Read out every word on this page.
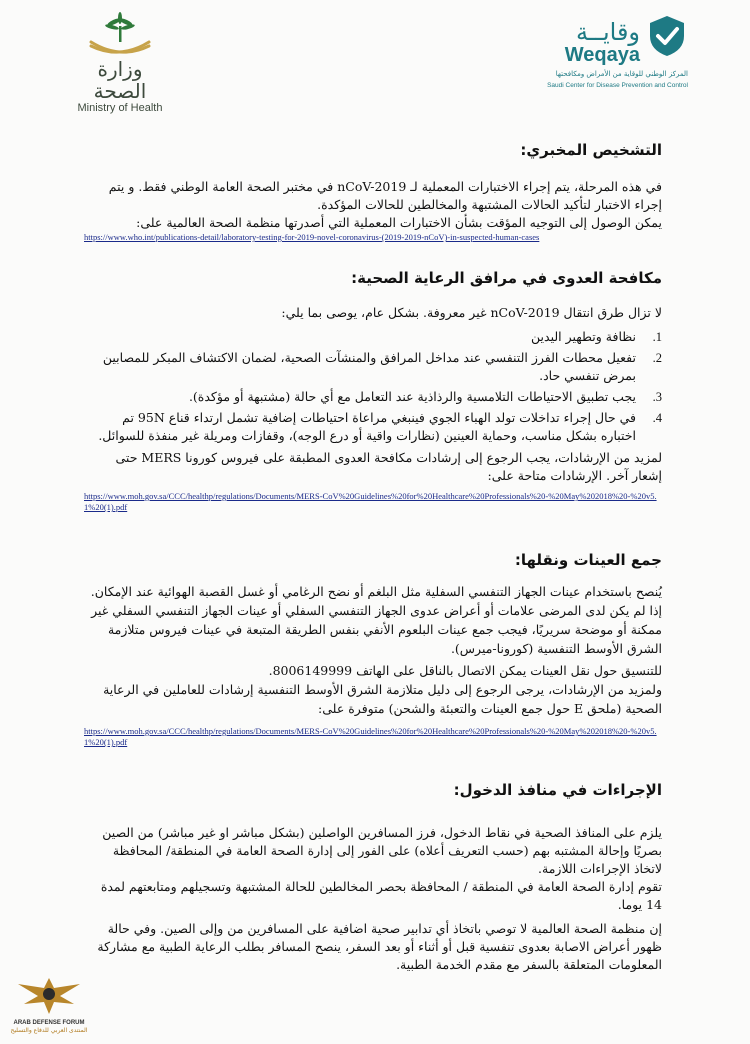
وزارة الصحة
Ministry of Health
وقايــة
Weqaya
المركز الوطني للوقاية من الأمراض ومكافحتها
Saudi Center for Disease Prevention and Control
التشخيص المخبري:

في هذه المرحلة، يتم إجراء الاختبارات المعملية لـ nCoV-2019 في مختبر الصحة العامة الوطني فقط. و يتم إجراء الاختبار لتأكيد الحالات المشتبهة والمخالطين للحالات المؤكدة.

يمكن الوصول إلى التوجيه المؤقت بشأن الاختبارات المعملية التي أصدرتها منظمة الصحة العالمية على:

https://www.who.int/publications-detail/laboratory-testing-for-2019-novel-coronavirus-(2019-2019-nCoV)-in-suspected-human-cases
مكافحة العدوى في مرافق الرعاية الصحية:

لا تزال طرق انتقال nCoV-2019 غير معروفة. بشكل عام، يوصى بما يلي:

1.
نظافة وتطهير اليدين
2.
تفعيل محطات الفرز التنفسي عند مداخل المرافق والمنشآت الصحية، لضمان الاكتشاف المبكر للمصابين بمرض تنفسي حاد.
3.
يجب تطبيق الاحتياطات التلامسية والرذاذية عند التعامل مع أي حالة (مشتبهة أو مؤكدة).
4.
في حال إجراء تداخلات تولد الهباء الجوي فينبغي مراعاة احتياطات إضافية تشمل ارتداء قناع 95N تم اختباره بشكل مناسب، وحماية العينين (نظارات واقية أو درع الوجه)، وقفازات ومريلة غير منفذة للسوائل.

لمزيد من الإرشادات، يجب الرجوع إلى إرشادات مكافحة العدوى المطبقة على فيروس كورونا MERS حتى إشعار آخر. الإرشادات متاحة على:

https://www.moh.gov.sa/CCC/healthp/regulations/Documents/MERS-CoV%20Guidelines%20for%20Healthcare%20Professionals%20-%20May%202018%20-%20v5.1%20(1).pdf
جمع العينات ونقلها:

يُنصح باستخدام عينات الجهاز التنفسي السفلية مثل البلغم أو نضح الرغامي أو غسل القصبة الهوائية عند الإمكان. إذا لم يكن لدى المرضى علامات أو أعراض عدوى الجهاز التنفسي السفلي أو عينات الجهاز التنفسي السفلي غير ممكنة أو موضحة سريريًا، فيجب جمع عينات البلعوم الأنفي بنفس الطريقة المتبعة في عينات فيروس متلازمة الشرق الأوسط التنفسية (كورونا-ميرس).

للتنسيق حول نقل العينات يمكن الاتصال بالناقل على الهاتف 8006149999.

ولمزيد من الإرشادات، يرجى الرجوع إلى دليل متلازمة الشرق الأوسط التنفسية إرشادات للعاملين في الرعاية الصحية (ملحق E حول جمع العينات والتعبئة والشحن) متوفرة على:

https://www.moh.gov.sa/CCC/healthp/regulations/Documents/MERS-CoV%20Guidelines%20for%20Healthcare%20Professionals%20-%20May%202018%20-%20v5.1%20(1).pdf
الإجراءات في منافذ الدخول:

يلزم على المنافذ الصحية في نقاط الدخول، فرز المسافرين الواصلين (بشكل مباشر او غير مباشر) من الصين بصريًا وإحالة المشتبه بهم (حسب التعريف أعلاه) على الفور إلى إدارة الصحة العامة في المنطقة/ المحافظة لاتخاذ الإجراءات اللازمة.

تقوم إدارة الصحة العامة في المنطقة / المحافظة بحصر المخالطين للحالة المشتبهة وتسجيلهم ومتابعتهم لمدة 14 يوما.

إن منظمة الصحة العالمية لا توصي باتخاذ أي تدابير صحية اضافية على المسافرين من وإلى الصين. وفي حالة ظهور أعراض الاصابة بعدوى تنفسية قبل أو أثناء أو بعد السفر، ينصح المسافر بطلب الرعاية الطبية مع مشاركة المعلومات المتعلقة بالسفر مع مقدم الخدمة الطبية.

ARAB DEFENSE FORUM
المنتدى العربي للدفاع والتسليح
